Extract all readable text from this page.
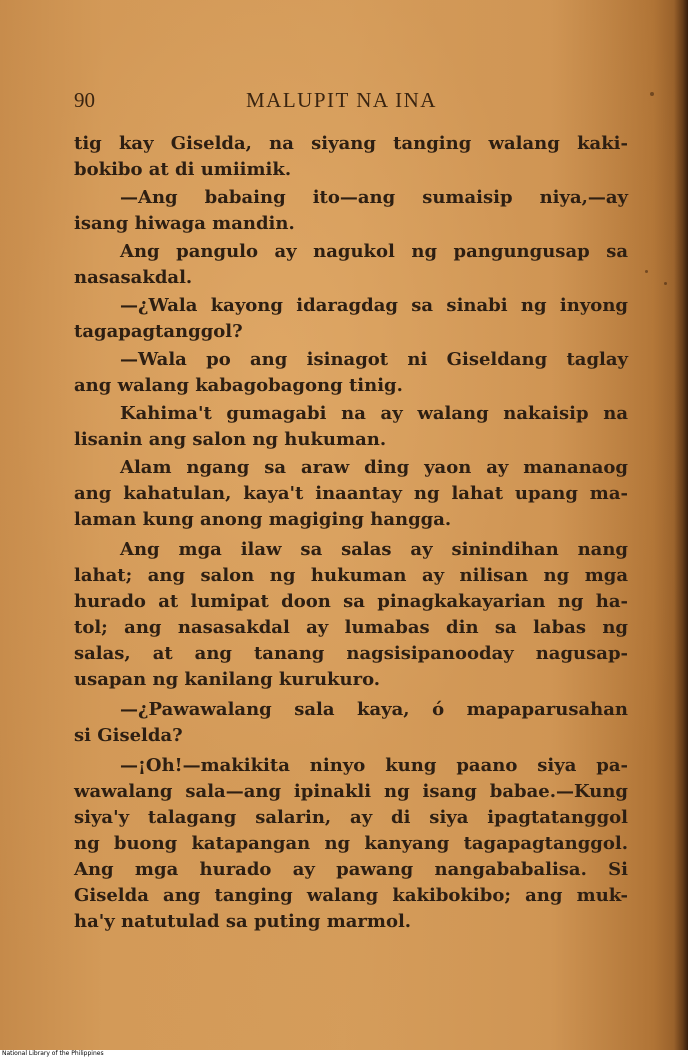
90	MALUPIT NA INA
tig kay Giselda, na siyang tanging walang kaki-
bokibo at di umiimik.
—Ang babaing ito—ang sumaisip niya,—ay
isang hiwaga mandin.
Ang pangulo ay nagukol ng pangungusap sa
nasasakdal.
—¿Wala kayong idaragdag sa sinabi ng inyong
tagapagtanggol?
—Wala po ang isinagot ni Giseldang taglay
ang walang kabagobagong tinig.
Kahima't gumagabi na ay walang nakaisip na
lisanin ang salon ng hukuman.
Alam ngang sa araw ding yaon ay mananaog
ang kahatulan, kaya't inaantay ng lahat upang ma-
laman kung anong magiging hangga.
Ang mga ilaw sa salas ay sinindihan nang
lahat; ang salon ng hukuman ay nilisan ng mga
hurado at lumipat doon sa pinagkakayarian ng ha-
tol; ang nasasakdal ay lumabas din sa labas ng
salas, at ang tanang nagsisipanooday nagusap-
usapan ng kanilang kurukuro.
—¿Pawawalang sala kaya, ó mapaparusahan
si Giselda?
—¡Oh!—makikita ninyo kung paano siya pa-
wawalang sala—ang ipinakli ng isang babae.—Kung
siya'y talagang salarin, ay di siya ipagtatanggol
ng buong katapangan ng kanyang tagapagtanggol.
Ang mga hurado ay pawang nangababalisa. Si
Giselda ang tanging walang kakibokibo; ang muk-
ha'y natutulad sa puting marmol.
National Library of the Philippines
